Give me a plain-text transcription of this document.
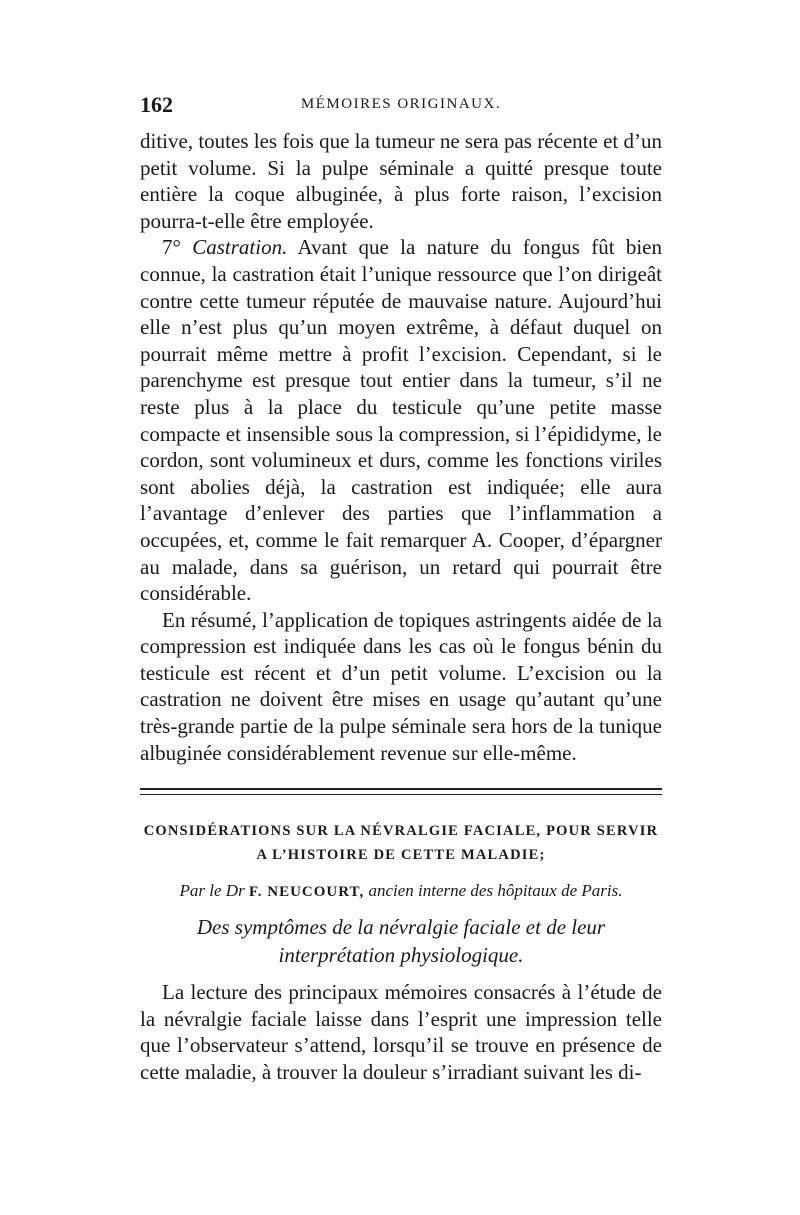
162	MÉMOIRES ORIGINAUX.

ditive, toutes les fois que la tumeur ne sera pas récente et d’un petit volume. Si la pulpe séminale a quitté presque toute entière la coque albuginée, à plus forte raison, l’excision pourra-t-elle être employée.

7° Castration. Avant que la nature du fongus fût bien connue, la castration était l’unique ressource que l’on dirigeât contre cette tumeur réputée de mauvaise nature. Aujourd’hui elle n’est plus qu’un moyen extrême, à défaut duquel on pourrait même mettre à profit l’excision. Cependant, si le parenchyme est presque tout entier dans la tumeur, s’il ne reste plus à la place du testicule qu’une petite masse compacte et insensible sous la compression, si l’épididyme, le cordon, sont volumineux et durs, comme les fonctions viriles sont abolies déjà, la castration est indiquée; elle aura l’avantage d’enlever des parties que l’inflammation a occupées, et, comme le fait remarquer A. Cooper, d’épargner au malade, dans sa guérison, un retard qui pourrait être considérable.

En résumé, l’application de topiques astringents aidée de la compression est indiquée dans les cas où le fongus bénin du testicule est récent et d’un petit volume. L’excision ou la castration ne doivent être mises en usage qu’autant qu’une très-grande partie de la pulpe séminale sera hors de la tunique albuginée considérablement revenue sur elle-même.

CONSIDÉRATIONS SUR LA NÉVRALGIE FACIALE, POUR SERVIR
A L’HISTOIRE DE CETTE MALADIE;
Par le Dr F. NEUCOURT, ancien interne des hôpitaux de Paris.
Des symptômes de la névralgie faciale et de leur interprétation physiologique.

La lecture des principaux mémoires consacrés à l’étude de la névralgie faciale laisse dans l’esprit une impression telle que l’observateur s’attend, lorsqu’il se trouve en présence de cette maladie, à trouver la douleur s’irradiant suivant les di-
